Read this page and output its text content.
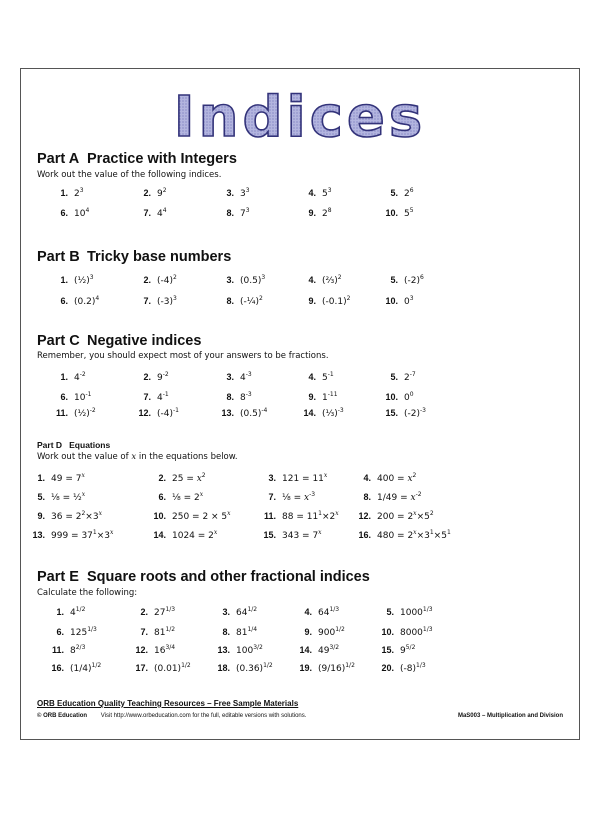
Indices
Part A Practice with Integers
Work out the value of the following indices.
1. $2^3$	2. $9^2$	3. $3^3$	4. $5^3$	5. $2^6$
6. $10^4$	7. $4^4$	8. $7^3$	9. $2^8$	10. $5^5$
Part B Tricky base numbers
1. (½)$^3$	2. $(-4)^2$	3. $(0.5)^3$	4. (⅔)$^2$	5. $(-2)^6$
6. $(0.2)^4$	7. $(-3)^3$	8. (-¼)$^2$	9. $(-0.1)^2$	10. $0^3$
Part C Negative indices
Remember, you should expect most of your answers to be fractions.
1. $4^{-2}$	2. $9^{-2}$	3. $4^{-3}$	4. $5^{-1}$	5. $2^{-7}$
6. $10^{-1}$	7. $4^{-1}$	8. $8^{-3}$	9. $1^{-11}$	10. $0^0$
11. (½)$^{-2}$	12. $(-4)^{-1}$	13. $(0.5)^{-4}$	14. (⅓)$^{-3}$	15. $(-2)^{-3}$
Part D Equations
Work out the value of x in the equations below.
1. $49 = 7^x$	2. $25 = x^2$	3. $121 = 11^x$	4. $400 = x^2$
5. ⅛ = ½$^x$	6. ⅛ = $2^x$	7. ⅛ = $x^{-3}$	8. $1/49 = x^{-2}$
9. $36 = 2^2\times 3^x$	10. $250 = 2 \times 5^x$	11. $88 = 11^1\times 2^x$	12. $200 = 2^x\times 5^2$
13. $999 = 37^1\times 3^x$	14. $1024 = 2^x$	15. $343 = 7^x$	16. $480 = 2^x\times 3^1\times 5^1$
Part E Square roots and other fractional indices
Calculate the following:
1. $4^{1/2}$	2. $27^{1/3}$	3. $64^{1/2}$	4. $64^{1/3}$	5. $1000^{1/3}$
6. $125^{1/3}$	7. $81^{1/2}$	8. $81^{1/4}$	9. $900^{1/2}$	10. $8000^{1/3}$
11. $8^{2/3}$	12. $16^{3/4}$	13. $100^{3/2}$	14. $49^{3/2}$	15. $9^{5/2}$
16. $(1/4)^{1/2}$	17. $(0.01)^{1/2}$	18. $(0.36)^{1/2}$	19. $(9/16)^{1/2}$	20. $(-8)^{1/3}$
ORB Education Quality Teaching Resources – Free Sample Materials
© ORB Education Visit http://www.orbeducation.com for the full, editable versions with solutions.	MaS003 – Multiplication and Division
